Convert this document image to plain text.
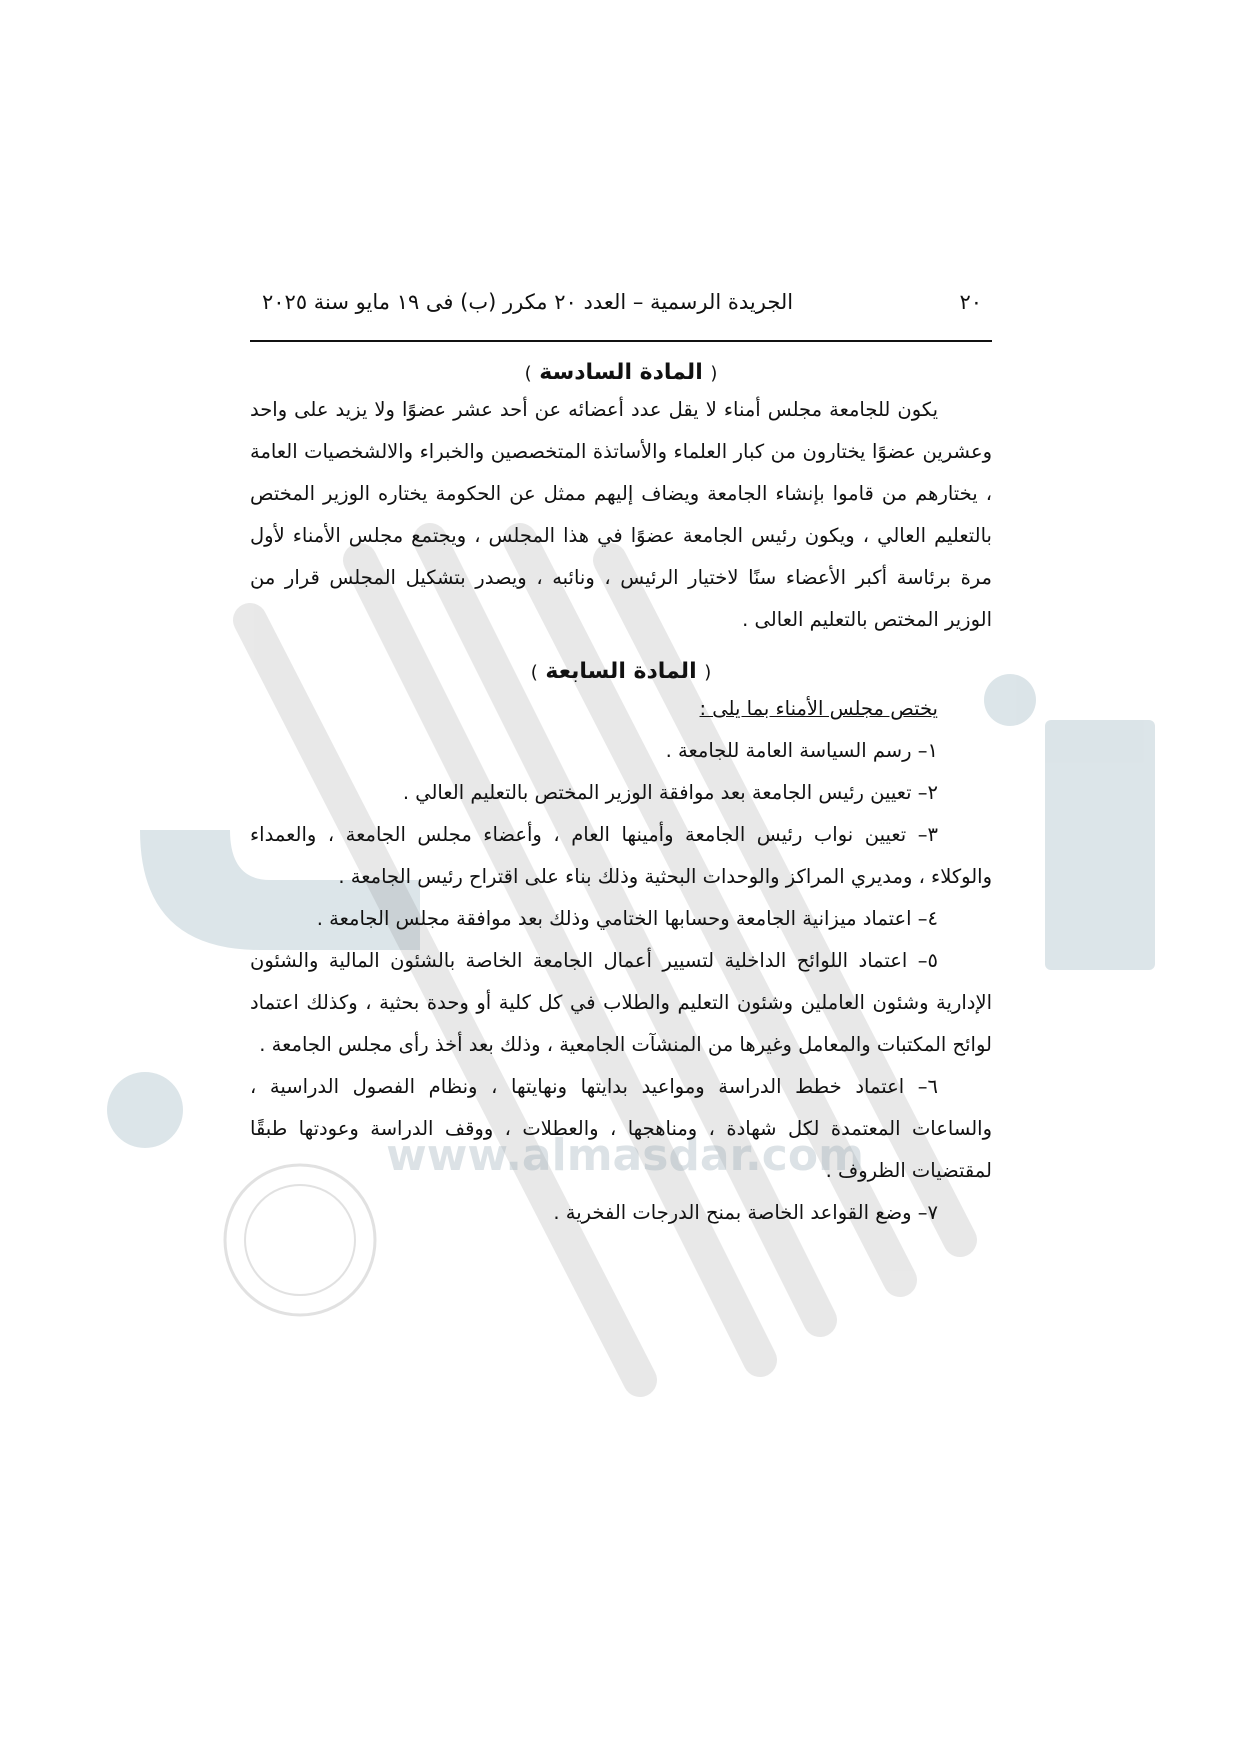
www.almasdar.com
٢٠
الجريدة الرسمية – العدد ٢٠ مكرر (ب) فى ١٩ مايو سنة ٢٠٢٥
( المادة السادسة )

يكون للجامعة مجلس أمناء لا يقل عدد أعضائه عن أحد عشر عضوًا ولا يزيد على واحد وعشرين عضوًا يختارون من كبار العلماء والأساتذة المتخصصين والخبراء والالشخصيات العامة ، يختارهم من قاموا بإنشاء الجامعة ويضاف إليهم ممثل عن الحكومة يختاره الوزير المختص بالتعليم العالي ، ويكون رئيس الجامعة عضوًا في هذا المجلس ، ويجتمع مجلس الأمناء لأول مرة برئاسة أكبر الأعضاء سنًا لاختيار الرئيس ، ونائبه ، ويصدر بتشكيل المجلس قرار من الوزير المختص بالتعليم العالى .

( المادة السابعة )

يختص مجلس الأمناء بما يلى :

١– رسم السياسة العامة للجامعة .

٢– تعيين رئيس الجامعة بعد موافقة الوزير المختص بالتعليم العالي .

٣– تعيين نواب رئيس الجامعة وأمينها العام ، وأعضاء مجلس الجامعة ، والعمداء والوكلاء ، ومديري المراكز والوحدات البحثية وذلك بناء على اقتراح رئيس الجامعة .

٤– اعتماد ميزانية الجامعة وحسابها الختامي وذلك بعد موافقة مجلس الجامعة .

٥– اعتماد اللوائح الداخلية لتسيير أعمال الجامعة الخاصة بالشئون المالية والشئون الإدارية وشئون العاملين وشئون التعليم والطلاب في كل كلية أو وحدة بحثية ، وكذلك اعتماد لوائح المكتبات والمعامل وغيرها من المنشآت الجامعية ، وذلك بعد أخذ رأى مجلس الجامعة .

٦– اعتماد خطط الدراسة ومواعيد بدايتها ونهايتها ، ونظام الفصول الدراسية ، والساعات المعتمدة لكل شهادة ، ومناهجها ، والعطلات ، ووقف الدراسة وعودتها طبقًا لمقتضيات الظروف .

٧– وضع القواعد الخاصة بمنح الدرجات الفخرية .
